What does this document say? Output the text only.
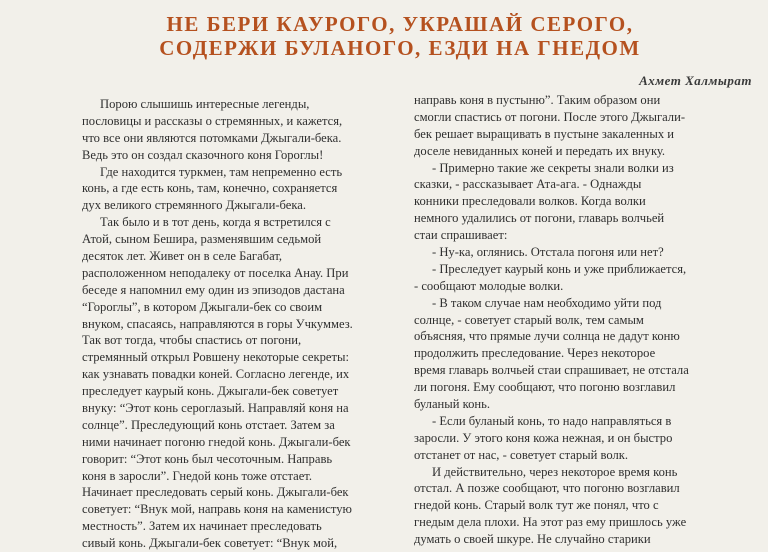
НЕ БЕРИ КАУРОГО, УКРАШАЙ СЕРОГО,
СОДЕРЖИ БУЛАНОГО, ЕЗДИ НА ГНЕДОМ
Ахмет Халмырат
Порою слышишь интересные легенды,
пословицы и рассказы о стремянных, и кажется,
что все они являются потомками Джыгали-бека.
Ведь это он создал сказочного коня Гороглы!
Где находится туркмен, там непременно есть
конь, а где есть конь, там, конечно, сохраняется
дух великого стремянного Джыгали-бека.
Так было и в тот день, когда я встретился с
Атой, сыном Бешира, разменявшим седьмой
десяток лет. Живет он в селе Багабат,
расположенном неподалеку от поселка Анау. При
беседе я напомнил ему один из эпизодов дастана
“Гороглы”, в котором Джыгали-бек со своим
внуком, спасаясь, направляются в горы Учкуммез.
Так вот тогда, чтобы спастись от погони,
стремянный открыл Ровшену некоторые секреты:
как узнавать повадки коней. Согласно легенде, их
преследует каурый конь. Джыгали-бек советует
внуку: “Этот конь сероглазый. Направляй коня на
солнце”. Преследующий конь отстает. Затем за
ними начинает погоню гнедой конь. Джыгали-бек
говорит: “Этот конь был чесоточным. Направь
коня в заросли”. Гнедой конь тоже отстает.
Начинает преследовать серый конь. Джыгали-бек
советует: “Внук мой, направь коня на каменистую
местность”. Затем их начинает преследовать
сивый конь. Джыгали-бек советует: “Внук мой,
направь коня в пустыню”. Таким образом они
смогли спастись от погони. После этого Джыгали-
бек решает выращивать в пустыне закаленных и
доселе невиданных коней и передать их внуку.
- Примерно такие же секреты знали волки из
сказки, - рассказывает Ата-ага. - Однажды
конники преследовали волков. Когда волки
немного удалились от погони, главарь волчьей
стаи спрашивает:
- Ну-ка, оглянись. Отстала погоня или нет?
- Преследует каурый конь и уже приближается,
- сообщают молодые волки.
- В таком случае нам необходимо уйти под
солнце, - советует старый волк, тем самым
объясняя, что прямые лучи солнца не дадут коню
продолжить преследование. Через некоторое
время главарь волчьей стаи спрашивает, не отстала
ли погоня. Ему сообщают, что погоню возглавил
буланый конь.
- Если буланый конь, то надо направляться в
заросли. У этого коня кожа нежная, и он быстро
отстанет от нас, - советует старый волк.
И действительно, через некоторое время конь
отстал. А позже сообщают, что погоню возглавил
гнедой конь. Старый волк тут же понял, что с
гнедым дела плохи. На этот раз ему пришлось уже
думать о своей шкуре. Не случайно старики
